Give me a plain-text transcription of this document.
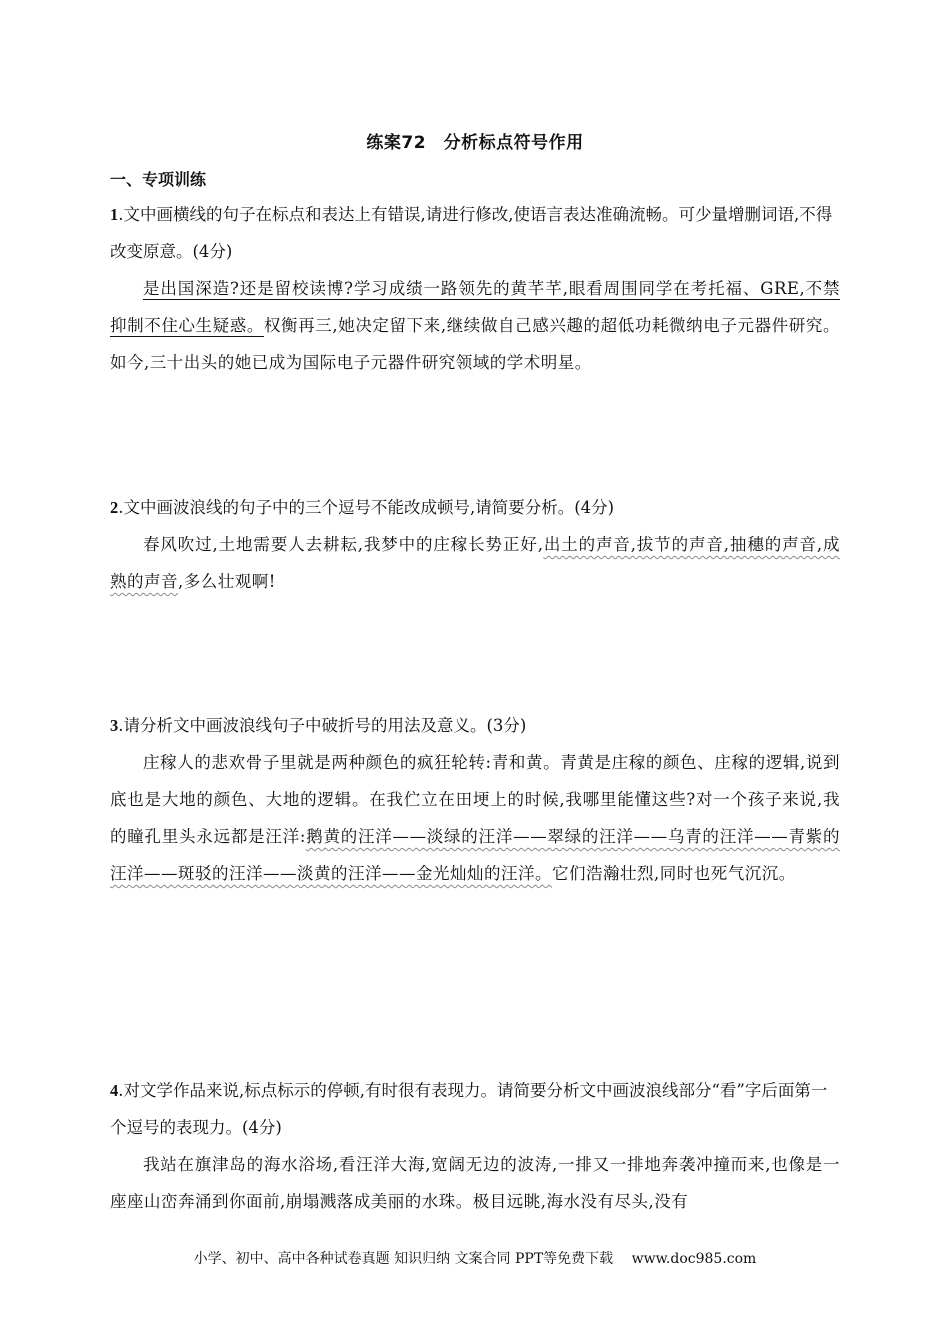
练案72　分析标点符号作用
一、专项训练
1.文中画横线的句子在标点和表达上有错误,请进行修改,使语言表达准确流畅。可少量增删词语,不得改变原意。(4分)
是出国深造?还是留校读博?学习成绩一路领先的黄芊芊,眼看周围同学在考托福、GRE,不禁抑制不住心生疑惑。权衡再三,她决定留下来,继续做自己感兴趣的超低功耗微纳电子元器件研究。如今,三十出头的她已成为国际电子元器件研究领域的学术明星。
2.文中画波浪线的句子中的三个逗号不能改成顿号,请简要分析。(4分)
春风吹过,土地需要人去耕耘,我梦中的庄稼长势正好,出土的声音,拔节的声音,抽穗的声音,成熟的声音,多么壮观啊!
3.请分析文中画波浪线句子中破折号的用法及意义。(3分)
庄稼人的悲欢骨子里就是两种颜色的疯狂轮转:青和黄。青黄是庄稼的颜色、庄稼的逻辑,说到底也是大地的颜色、大地的逻辑。在我伫立在田埂上的时候,我哪里能懂这些?对一个孩子来说,我的瞳孔里头永远都是汪洋:鹅黄的汪洋——淡绿的汪洋——翠绿的汪洋——乌青的汪洋——青紫的汪洋——斑驳的汪洋——淡黄的汪洋——金光灿灿的汪洋。它们浩瀚壮烈,同时也死气沉沉。
4.对文学作品来说,标点标示的停顿,有时很有表现力。请简要分析文中画波浪线部分“看”字后面第一个逗号的表现力。(4分)
我站在旗津岛的海水浴场,看汪洋大海,宽阔无边的波涛,一排又一排地奔袭冲撞而来,也像是一座座山峦奔涌到你面前,崩塌溅落成美丽的水珠。极目远眺,海水没有尽头,没有
小学、初中、高中各种试卷真题 知识归纳 文案合同 PPT等免费下载　 www.doc985.com
